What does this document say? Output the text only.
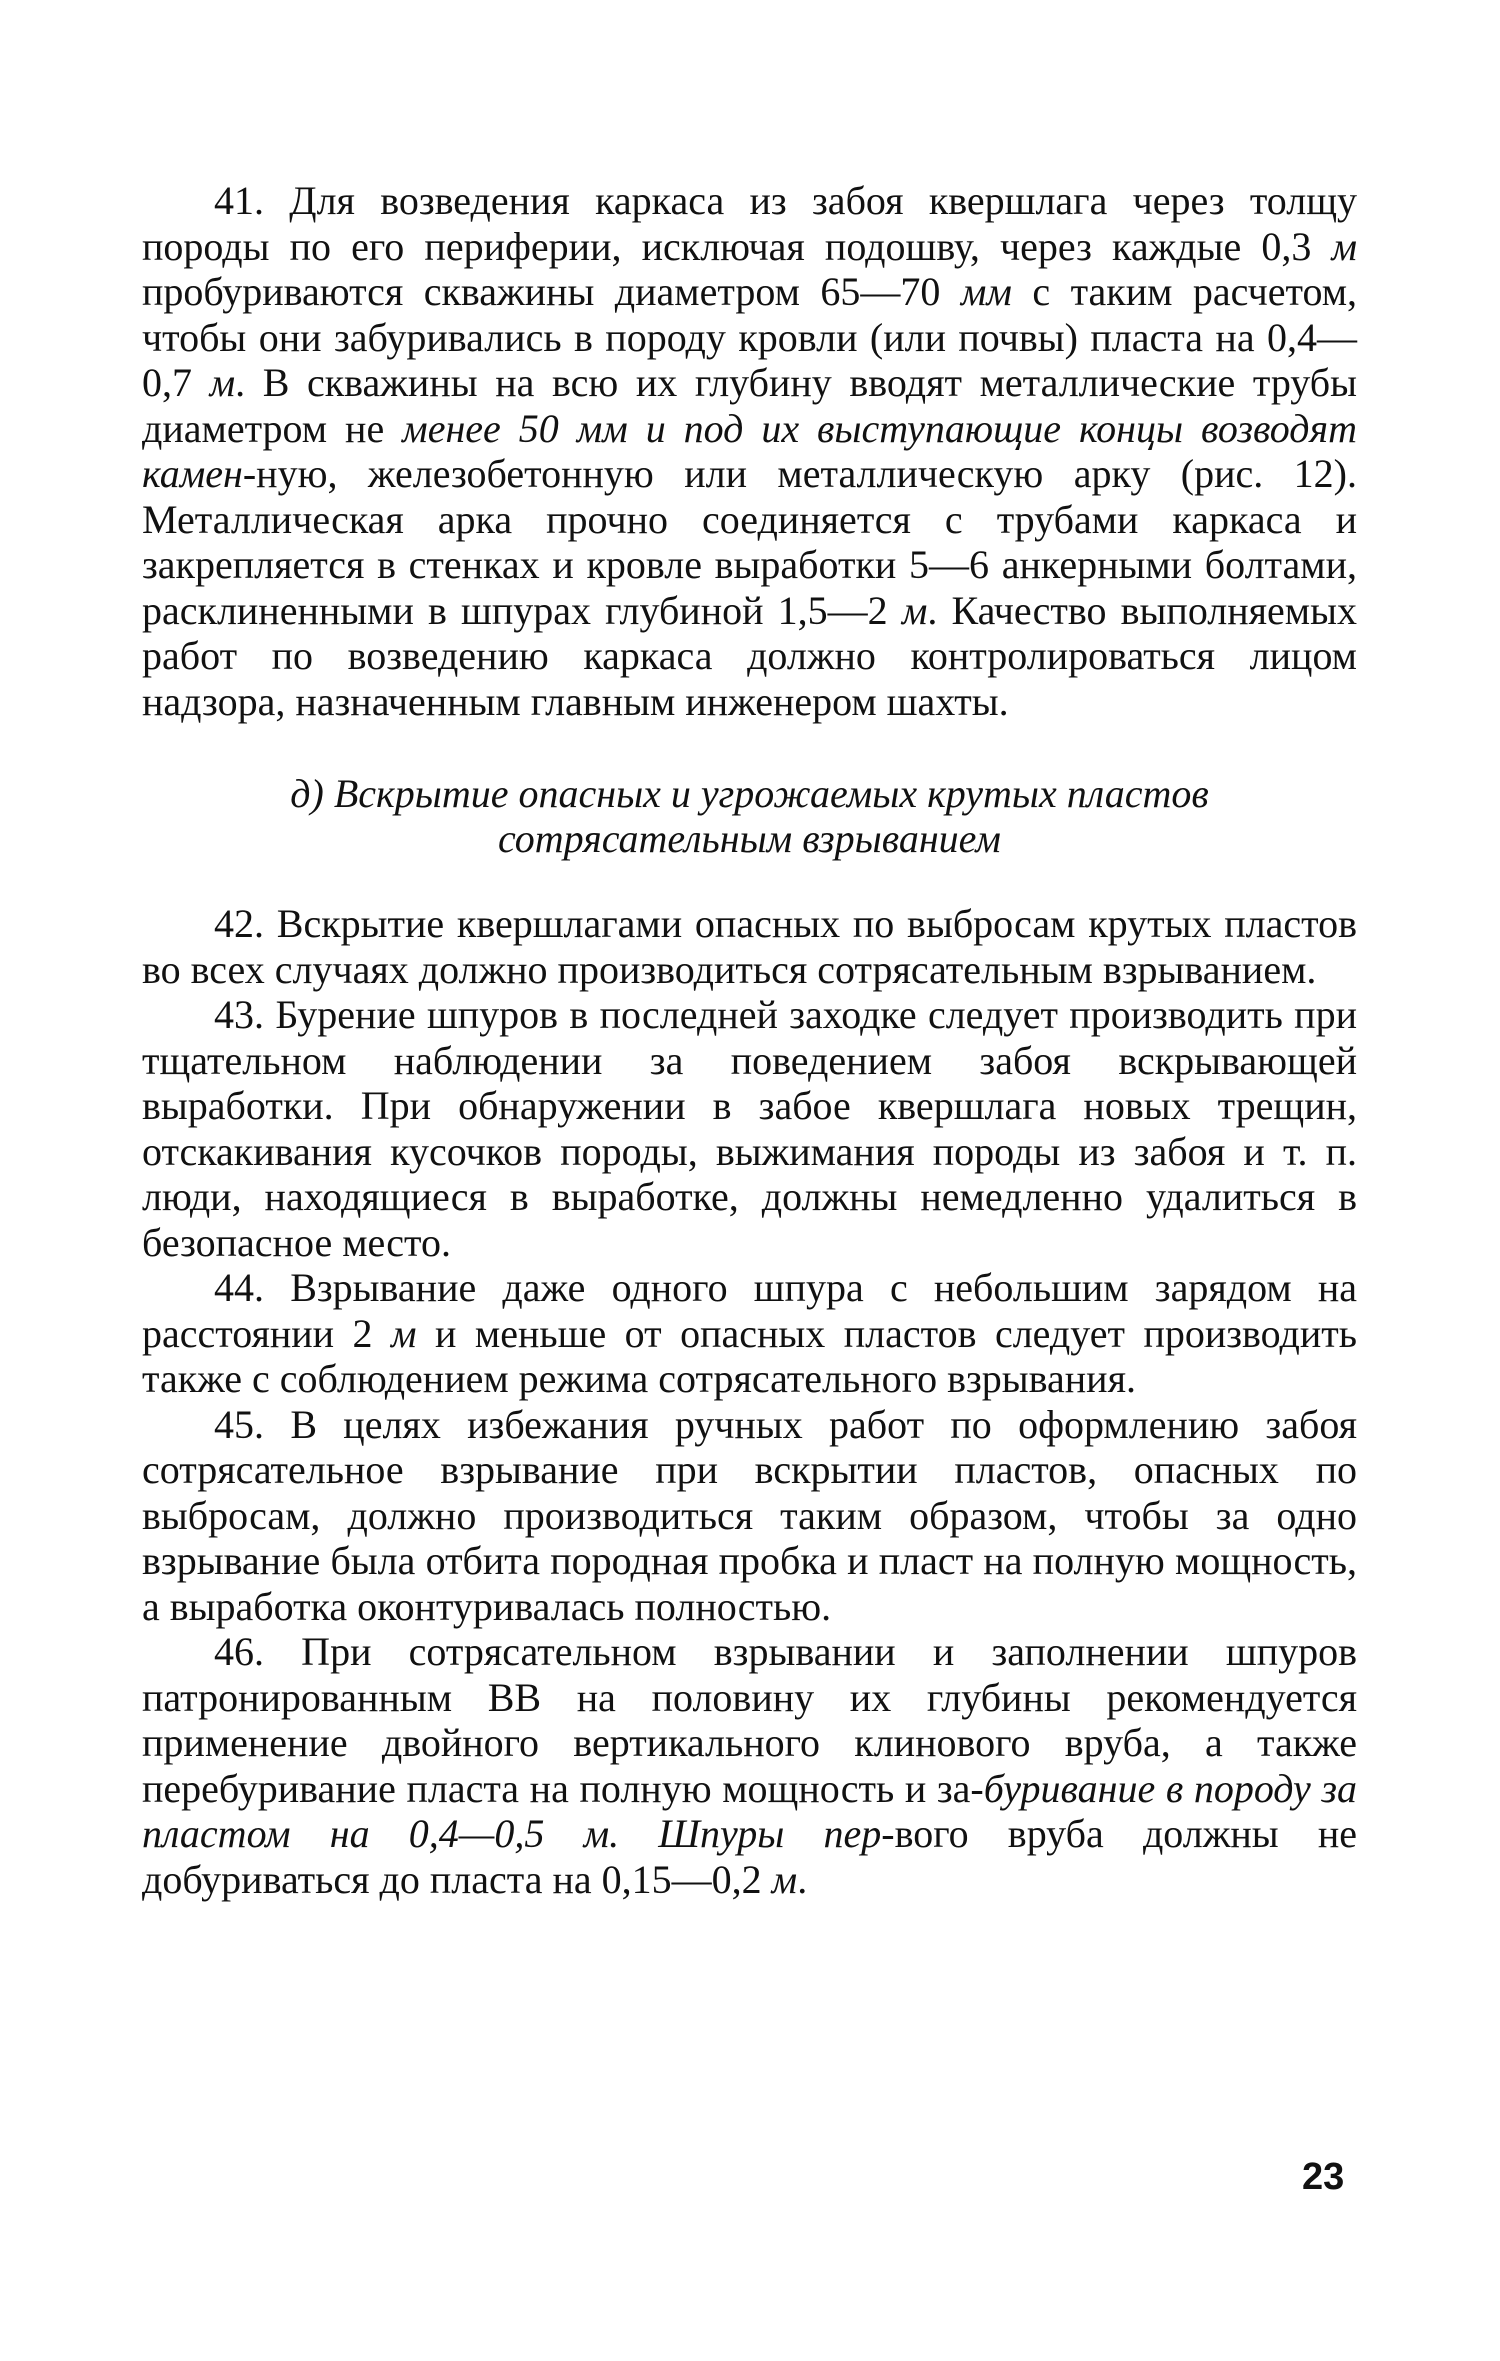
41. Для возведения каркаса из забоя квершлага через толщу породы по его периферии, исключая подошву, через каждые 0,3 м пробуриваются скважины диаметром 65—70 мм с таким расчетом, чтобы они забуривались в породу кровли (или почвы) пласта на 0,4—0,7 м. В скважины на всю их глубину вводят металлические трубы диаметром не менее 50 мм и под их выступающие концы возводят камен-ную, железобетонную или металлическую арку (рис. 12). Металлическая арка прочно соединяется с трубами каркаса и закрепляется в стенках и кровле выработки 5—6 анкерными болтами, расклиненными в шпурах глубиной 1,5—2 м. Качество выполняемых работ по возведению каркаса должно контролироваться лицом надзора, назначенным главным инженером шахты.

д) Вскрытие опасных и угрожаемых крутых пластов
сотрясательным взрыванием

42. Вскрытие квершлагами опасных по выбросам крутых пластов во всех случаях должно производиться сотрясательным взрыванием.

43. Бурение шпуров в последней заходке следует производить при тщательном наблюдении за поведением забоя вскрывающей выработки. При обнаружении в забое квершлага новых трещин, отскакивания кусочков породы, выжимания породы из забоя и т. п. люди, находящиеся в выработке, должны немедленно удалиться в безопасное место.

44. Взрывание даже одного шпура с небольшим зарядом на расстоянии 2 м и меньше от опасных пластов следует производить также с соблюдением режима сотрясательного взрывания.

45. В целях избежания ручных работ по оформлению забоя сотрясательное взрывание при вскрытии пластов, опасных по выбросам, должно производиться таким образом, чтобы за одно взрывание была отбита породная пробка и пласт на полную мощность, а выработка оконтуривалась полностью.

46. При сотрясательном взрывании и заполнении шпуров патронированным ВВ на половину их глубины рекомендуется применение двойного вертикального клинового вруба, а также перебуривание пласта на полную мощность и за-буривание в породу за пластом на 0,4—0,5 м. Шпуры пер-вого вруба должны не добуриваться до пласта на 0,15—0,2 м.

23
